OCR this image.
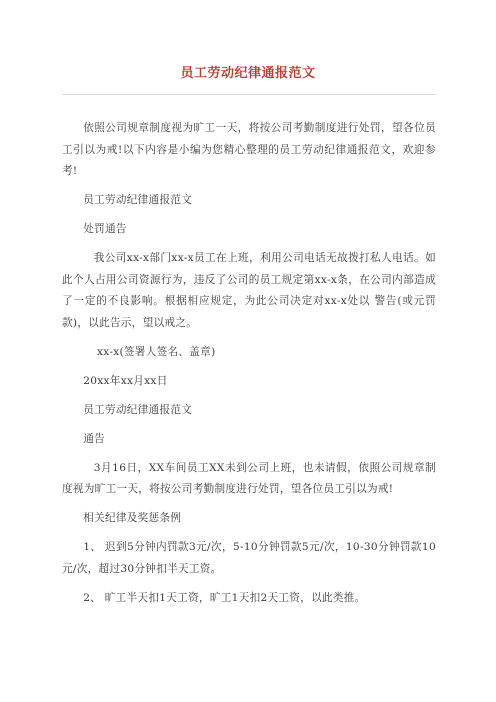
员工劳动纪律通报范文

依照公司规章制度视为旷工一天，将按公司考勤制度进行处罚，望各位员工引以为戒!以下内容是小编为您精心整理的员工劳动纪律通报范文，欢迎参考!

员工劳动纪律通报范文

处罚通告

我公司xx-x部门xx-x员工在上班，利用公司电话无故拨打私人电话。如此个人占用公司资源行为，违反了公司的员工规定第xx-x条，在公司内部造成了一定的不良影响。根据相应规定，为此公司决定对xx-x处以 警告(或元罚款)，以此告示，望以戒之。

xx-x(签署人签名、盖章)

20xx年xx月xx日

员工劳动纪律通报范文

通告

3月16日，XX车间员工XX未到公司上班，也未请假，依照公司规章制度视为旷工一天，将按公司考勤制度进行处罚，望各位员工引以为戒!

相关纪律及奖惩条例

1、 迟到5分钟内罚款3元/次，5-10分钟罚款5元/次，10-30分钟罚款10元/次，超过30分钟扣半天工资。

2、 旷工半天扣1天工资，旷工1天扣2天工资，以此类推。
